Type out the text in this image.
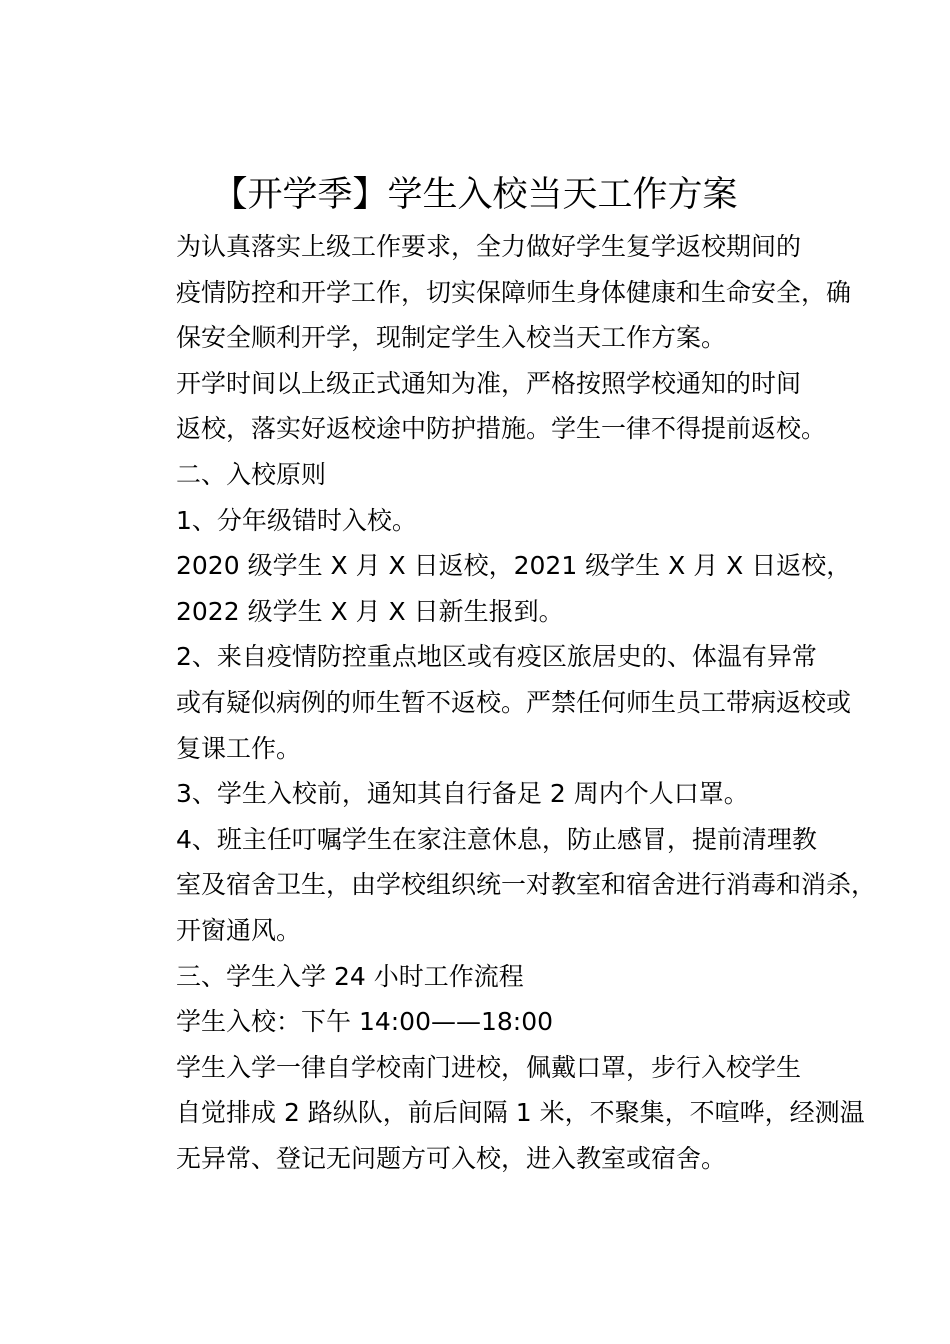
【开学季】学生入校当天工作方案

为认真落实上级工作要求，全力做好学生复学返校期间的
疫情防控和开学工作，切实保障师生身体健康和生命安全，确
保安全顺利开学，现制定学生入校当天工作方案。

开学时间以上级正式通知为准，严格按照学校通知的时间
返校，落实好返校途中防护措施。学生一律不得提前返校。

二、入校原则

1、分年级错时入校。

2020 级学生 X 月 X 日返校，2021 级学生 X 月 X 日返校，
2022 级学生 X 月 X 日新生报到。

2、来自疫情防控重点地区或有疫区旅居史的、体温有异常
或有疑似病例的师生暂不返校。严禁任何师生员工带病返校或
复课工作。

3、学生入校前，通知其自行备足 2 周内个人口罩。

4、班主任叮嘱学生在家注意休息，防止感冒，提前清理教
室及宿舍卫生，由学校组织统一对教室和宿舍进行消毒和消杀，
开窗通风。

三、学生入学 24 小时工作流程

学生入校：下午 14:00——18:00

学生入学一律自学校南门进校，佩戴口罩，步行入校学生
自觉排成 2 路纵队，前后间隔 1 米，不聚集，不喧哗，经测温
无异常、登记无问题方可入校，进入教室或宿舍。
